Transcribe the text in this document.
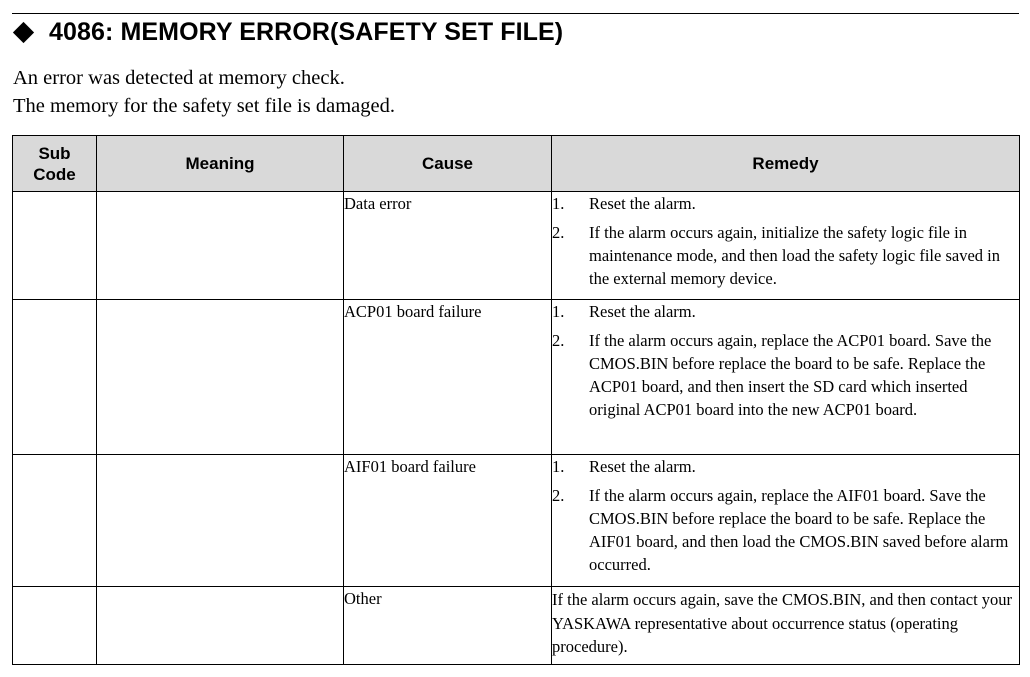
4086: MEMORY ERROR(SAFETY SET FILE)
An error was detected at memory check.
The memory for the safety set file is damaged.
Sub
Code	Meaning	Cause	Remedy
		Data error	1. Reset the alarm.
2. If the alarm occurs again, initialize the safety logic file in maintenance mode, and then load the safety logic file saved in the external memory device.

		ACP01 board failure	1. Reset the alarm.
2. If the alarm occurs again, replace the ACP01 board. Save the CMOS.BIN before replace the board to be safe. Replace the ACP01 board, and then insert the SD card which inserted original ACP01 board into the new ACP01 board.

		AIF01 board failure	1. Reset the alarm.
2. If the alarm occurs again, replace the AIF01 board. Save the CMOS.BIN before replace the board to be safe. Replace the AIF01 board, and then load the CMOS.BIN saved before alarm occurred.

		Other	If the alarm occurs again, save the CMOS.BIN, and then contact your YASKAWA representative about occurrence status (operating procedure).
